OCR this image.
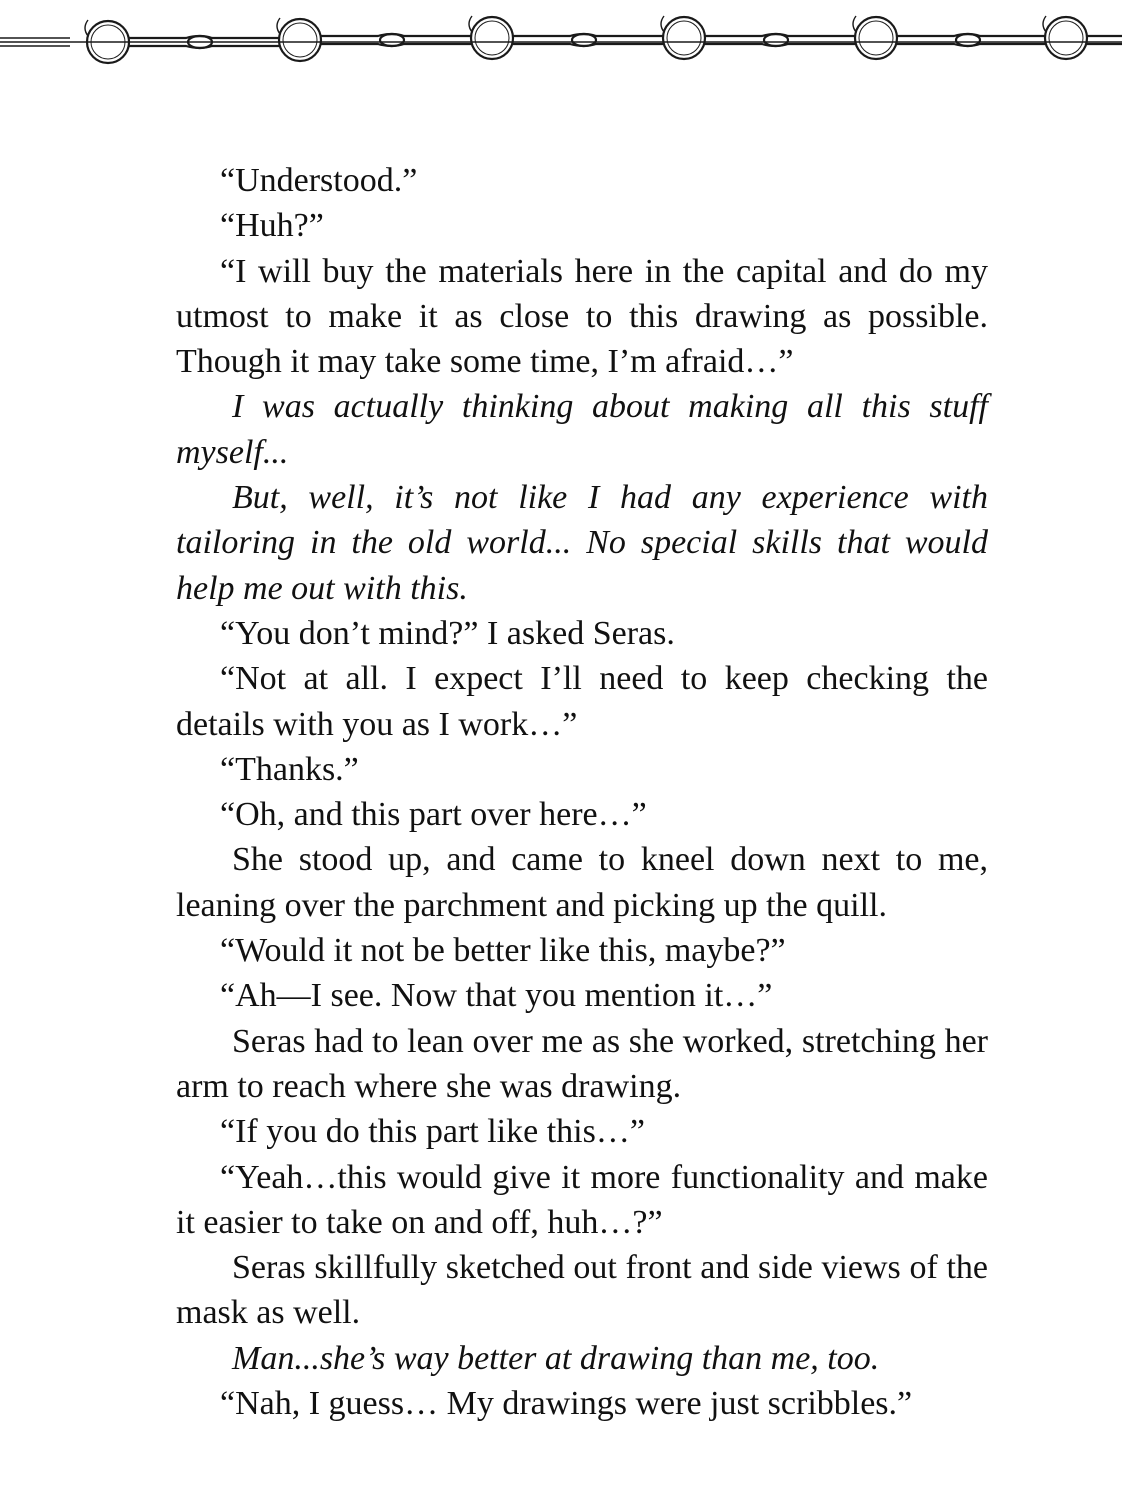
“Understood.”

“Huh?”

“I will buy the materials here in the capital and do my utmost to make it as close to this drawing as possible. Though it may take some time, I’m afraid…”

I was actually thinking about making all this stuff myself...

But, well, it’s not like I had any experience with tailoring in the old world... No special skills that would help me out with this.

“You don’t mind?” I asked Seras.

“Not at all. I expect I’ll need to keep checking the details with you as I work…”

“Thanks.”

“Oh, and this part over here…”

She stood up, and came to kneel down next to me, leaning over the parchment and picking up the quill.

“Would it not be better like this, maybe?”

“Ah—I see. Now that you mention it…”

Seras had to lean over me as she worked, stretching her arm to reach where she was drawing.

“If you do this part like this…”

“Yeah…this would give it more functionality and make it easier to take on and off, huh…?”

Seras skillfully sketched out front and side views of the mask as well.

Man...she’s way better at drawing than me, too.

“Nah, I guess… My drawings were just scribbles.”
